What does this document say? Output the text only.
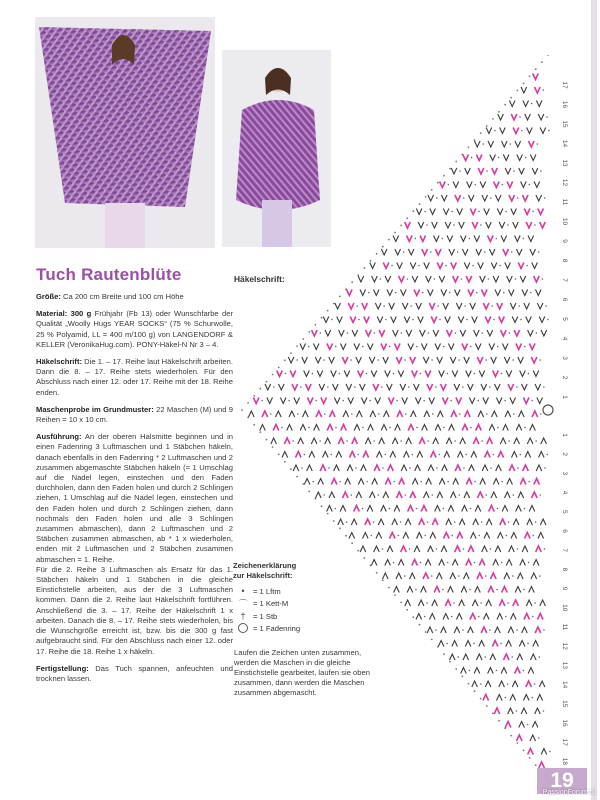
Tuch Rautenblüte

Größe: Ca 200 cm Breite und 100 cm Höhe

Material: 300 g Frühjahr (Fb 13) oder Wunschfarbe der Qualität „Woolly Hugs YEAR SOCKS“ (75 % Schurwolle, 25 % Polyamid, LL = 400 m/100 g) von LANGENDORF & KELLER (VeronikaHug.com). PONY-Häkel-N Nr 3 – 4.

Häkelschrift: Die 1. – 17. Reihe laut Häkelschrift arbeiten. Dann die 8. – 17. Reihe stets wiederholen. Für den Abschluss nach einer 12. oder 17. Reihe mit der 18. Reihe enden.

Maschenprobe im Grundmuster: 22 Maschen (M) und 9 Reihen = 10 x 10 cm.

Ausführung: An der oberen Halsmitte beginnen und in einen Fadenring 3 Luftmaschen und 1 Stäbchen häkeln, danach ebenfalls in den Fadenring * 2 Luftmaschen und 2 zusammen abgemaschte Stäbchen häkeln (= 1 Umschlag auf die Nadel legen, einstechen und den Faden durchholen, dann den Faden holen und durch 2 Schlingen ziehen, 1 Umschlag auf die Nadel legen, einstechen und den Faden holen und durch 2 Schlingen ziehen, dann nochmals den Faden holen und alle 3 Schlingen zusammen abmaschen), dann 2 Luftmaschen und 2 Stäbchen zusammen abmaschen, ab * 1 x wiederholen, enden mit 2 Luftmaschen und 2 Stäbchen zusammen abmaschen = 1. Reihe.

Für die 2. Reihe 3 Luftmaschen als Ersatz für das 1. Stäbchen häkeln und 1 Stäbchen in die gleiche Einstichstelle arbeiten, aus der die 3 Luftmaschen kommen. Dann die 2. Reihe laut Häkelschrift fortführen. Anschließend die 3. – 17. Reihe der Häkelschrift 1 x arbeiten. Danach die 8. – 17. Reihe stets wiederholen, bis die Wunschgröße erreicht ist, bzw. bis die 300 g fast aufgebraucht sind. Für den Abschluss nach einer 12. oder 17. Reihe die 18. Reihe 1 x häkeln.

Fertigstellung: Das Tuch spannen, anfeuchten und trocknen lassen.

Häkelschrift:
17
16
15
14
13
12
11
10
9
8
7
6
5
4
3
2
1
1
2
3
4
5
6
7
8
9
10
11
12
13
14
15
16
17
18
Zeichenerklärung
zur Häkelschrift:
•	= 1 Lftm
⌒ = 1 Kett-M
† = 1 Stb
= 1 Fadenring
Laufen die Zeichen unten zusammen, werden die Maschen in die gleiche Einstichstelle gearbeitet, laufen sie oben zusammen, dann werden die Maschen zusammen abgemascht.
19
PassionForum.ru
